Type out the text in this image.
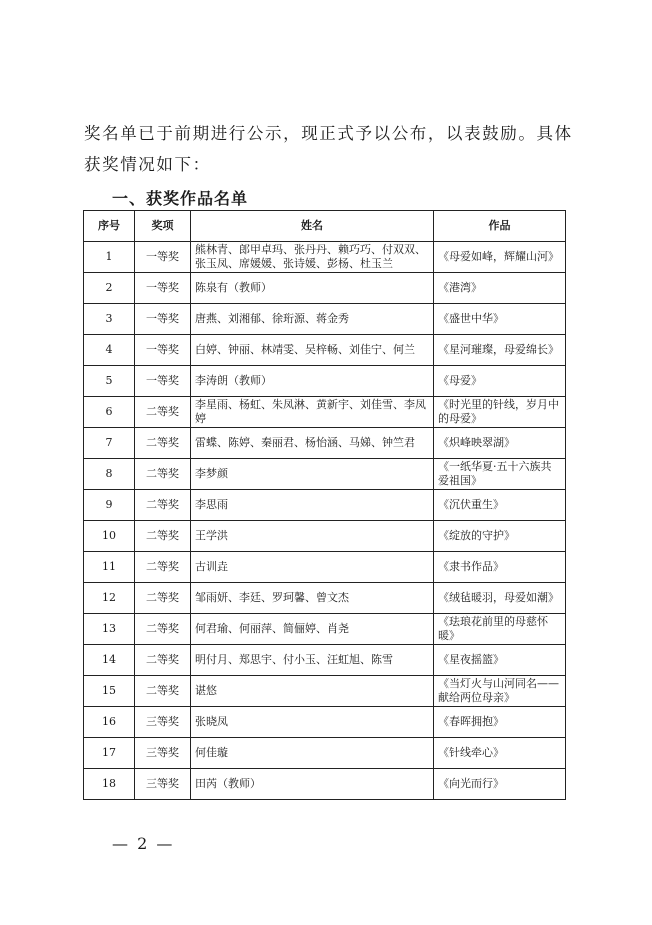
奖名单已于前期进行公示，现正式予以公布，以表鼓励。具体获奖情况如下：

一、获奖作品名单
序号	奖项	姓名	作品
1	一等奖	熊林青、郎甲卓玛、张丹丹、赖巧巧、付双双、张玉凤、席媛媛、张诗媛、彭杨、杜玉兰	《母爱如峰，辉耀山河》
2	一等奖	陈泉有（教师）	《港湾》
3	一等奖	唐燕、刘湘郁、徐珩源、蒋金秀	《盛世中华》
4	一等奖	白婷、钟丽、林靖雯、吴梓畅、刘佳宁、何兰	《星河璀璨，母爱绵长》
5	一等奖	李涛朗（教师）	《母爱》
6	二等奖	李星雨、杨虹、朱凤淋、黄新宇、刘佳雪、李凤婷	《时光里的针线，岁月中的母爱》
7	二等奖	雷蝶、陈婷、秦丽君、杨怡涵、马娣、钟竺君	《炽峰映翠湖》
8	二等奖	李梦颜	《一纸华夏·五十六族共爱祖国》
9	二等奖	李思雨	《沉伏重生》
10	二等奖	王学洪	《绽放的守护》
11	二等奖	古训垚	《隶书作品》
12	二等奖	邹雨妍、李廷、罗珂馨、曾文杰	《绒毡暖羽，母爱如潮》
13	二等奖	何君瑜、何丽萍、简俪婷、肖尧	《珐琅花前里的母慈怀暖》
14	二等奖	明付月、郑思宇、付小玉、汪虹旭、陈雪	《星夜摇篮》
15	二等奖	谌悠	《当灯火与山河同名——献给两位母亲》
16	三等奖	张晓凤	《春晖拥抱》
17	三等奖	何佳璇	《针线牵心》
18	三等奖	田芮（教师）	《向光而行》

— 2 —
